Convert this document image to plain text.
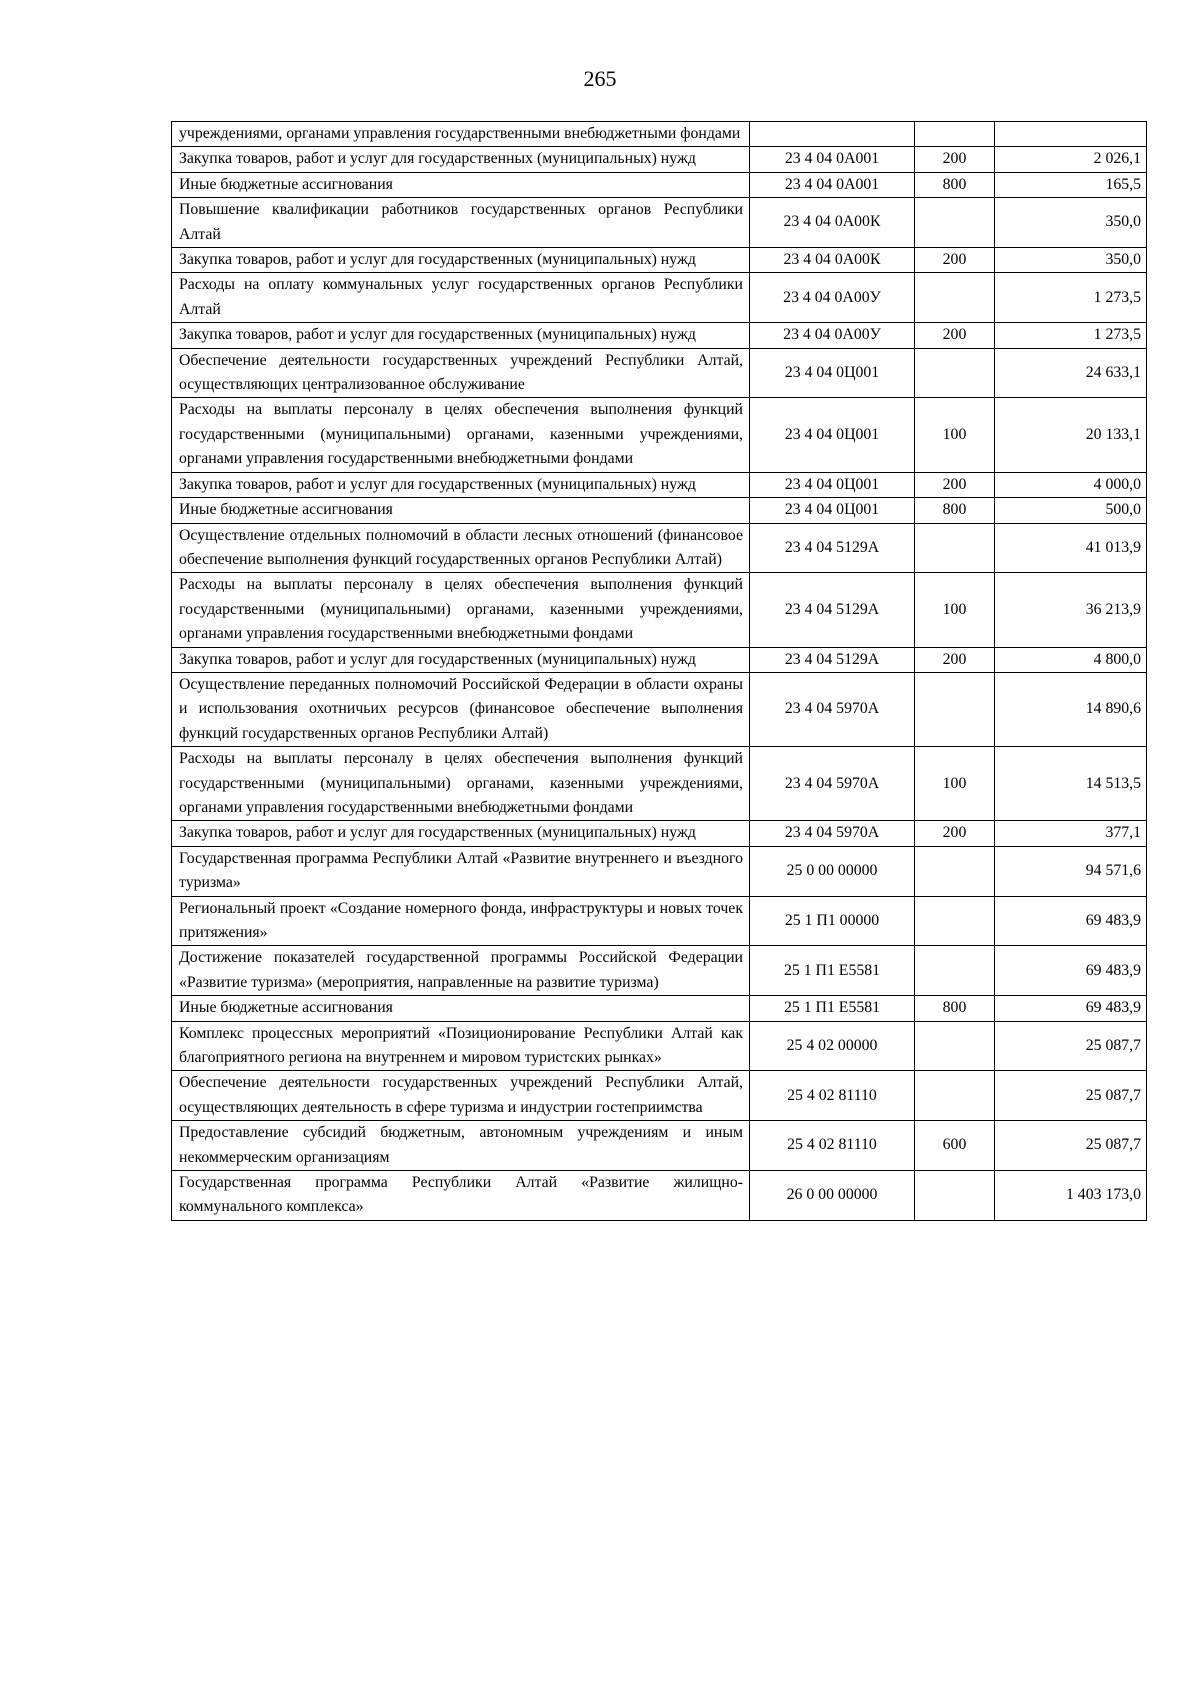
265
учреждениями, органами управления государственными внебюджетными фондами			
Закупка товаров, работ и услуг для государственных (муниципальных) нужд	23 4 04 0А001	200	2 026,1
Иные бюджетные ассигнования	23 4 04 0А001	800	165,5
Повышение квалификации работников государственных органов Республики Алтай	23 4 04 0А00К		350,0
Закупка товаров, работ и услуг для государственных (муниципальных) нужд	23 4 04 0А00К	200	350,0
Расходы на оплату коммунальных услуг государственных органов Республики Алтай	23 4 04 0А00У		1 273,5
Закупка товаров, работ и услуг для государственных (муниципальных) нужд	23 4 04 0А00У	200	1 273,5
Обеспечение деятельности государственных учреждений Республики Алтай, осуществляющих централизованное обслуживание	23 4 04 0Ц001		24 633,1
Расходы на выплаты персоналу в целях обеспечения выполнения функций государственными (муниципальными) органами, казенными учреждениями, органами управления государственными внебюджетными фондами	23 4 04 0Ц001	100	20 133,1
Закупка товаров, работ и услуг для государственных (муниципальных) нужд	23 4 04 0Ц001	200	4 000,0
Иные бюджетные ассигнования	23 4 04 0Ц001	800	500,0
Осуществление отдельных полномочий в области лесных отношений (финансовое обеспечение выполнения функций государственных органов Республики Алтай)	23 4 04 5129А		41 013,9
Расходы на выплаты персоналу в целях обеспечения выполнения функций государственными (муниципальными) органами, казенными учреждениями, органами управления государственными внебюджетными фондами	23 4 04 5129А	100	36 213,9
Закупка товаров, работ и услуг для государственных (муниципальных) нужд	23 4 04 5129А	200	4 800,0
Осуществление переданных полномочий Российской Федерации в области охраны и использования охотничьих ресурсов (финансовое обеспечение выполнения функций государственных органов Республики Алтай)	23 4 04 5970А		14 890,6
Расходы на выплаты персоналу в целях обеспечения выполнения функций государственными (муниципальными) органами, казенными учреждениями, органами управления государственными внебюджетными фондами	23 4 04 5970А	100	14 513,5
Закупка товаров, работ и услуг для государственных (муниципальных) нужд	23 4 04 5970А	200	377,1
Государственная программа Республики Алтай «Развитие внутреннего и въездного туризма»	25 0 00 00000		94 571,6
Региональный проект «Создание номерного фонда, инфраструктуры и новых точек притяжения»	25 1 П1 00000		69 483,9
Достижение показателей государственной программы Российской Федерации «Развитие туризма» (мероприятия, направленные на развитие туризма)	25 1 П1 Е5581		69 483,9
Иные бюджетные ассигнования	25 1 П1 Е5581	800	69 483,9
Комплекс процессных мероприятий «Позиционирование Республики Алтай как благоприятного региона на внутреннем и мировом туристских рынках»	25 4 02 00000		25 087,7
Обеспечение деятельности государственных учреждений Республики Алтай, осуществляющих деятельность в сфере туризма и индустрии гостеприимства	25 4 02 81110		25 087,7
Предоставление субсидий бюджетным, автономным учреждениям и иным некоммерческим организациям	25 4 02 81110	600	25 087,7
Государственная программа Республики Алтай «Развитие жилищно-коммунального комплекса»	26 0 00 00000		1 403 173,0
